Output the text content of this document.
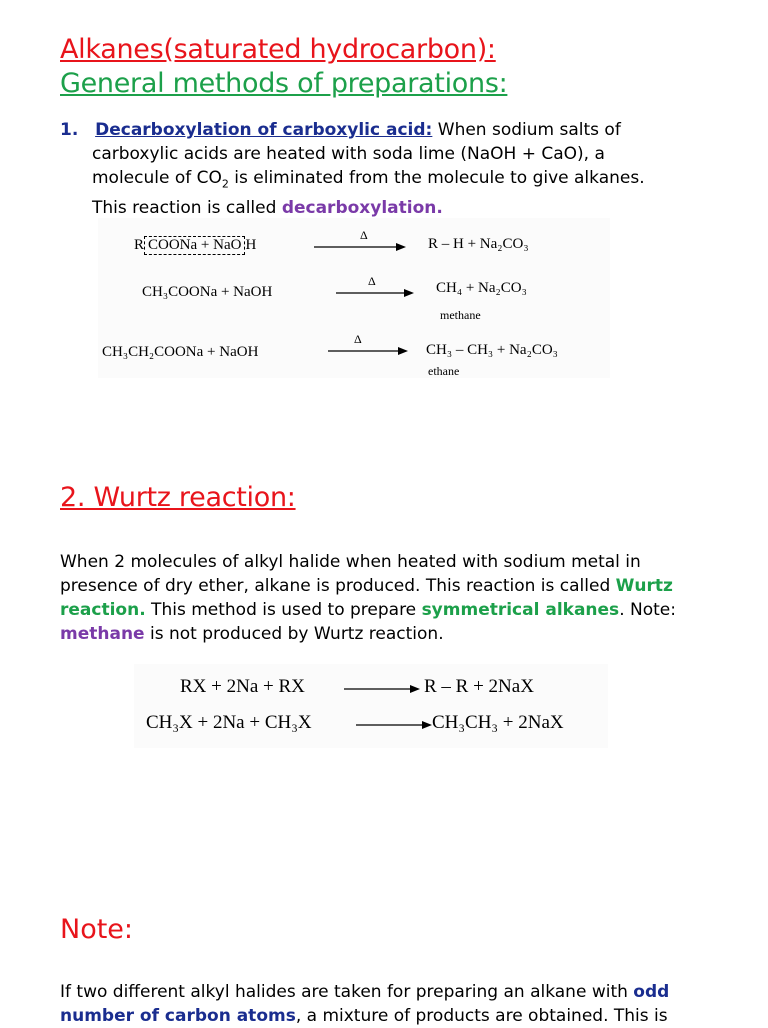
Alkanes(saturated hydrocarbon):
General methods of preparations:
1. Decarboxylation of carboxylic acid: When sodium salts of
carboxylic acids are heated with soda lime (NaOH + CaO), a
molecule of $CO_2$ is eliminated from the molecule to give alkanes.
This reaction is called decarboxylation.
R COONa + NaO H
Δ
R – H + Na₂CO₃
CH₃COONa + NaOH
Δ	CH₄ + Na₂CO₃
methane
CH₃CH₂COONa + NaOH
Δ
CH₃ – CH₃ + Na₂CO₃
ethane
2. Wurtz reaction:
When 2 molecules of alkyl halide when heated with sodium metal in
presence of dry ether, alkane is produced. This reaction is called Wurtz
reaction. This method is used to prepare symmetrical alkanes. Note:
methane is not produced by Wurtz reaction.
RX + 2Na + RX	R – R + 2NaX
CH₃X + 2Na + CH₃X	CH₃CH₃ + 2NaX
Note:
If two different alkyl halides are taken for preparing an alkane with odd
number of carbon atoms, a mixture of products are obtained. This is
